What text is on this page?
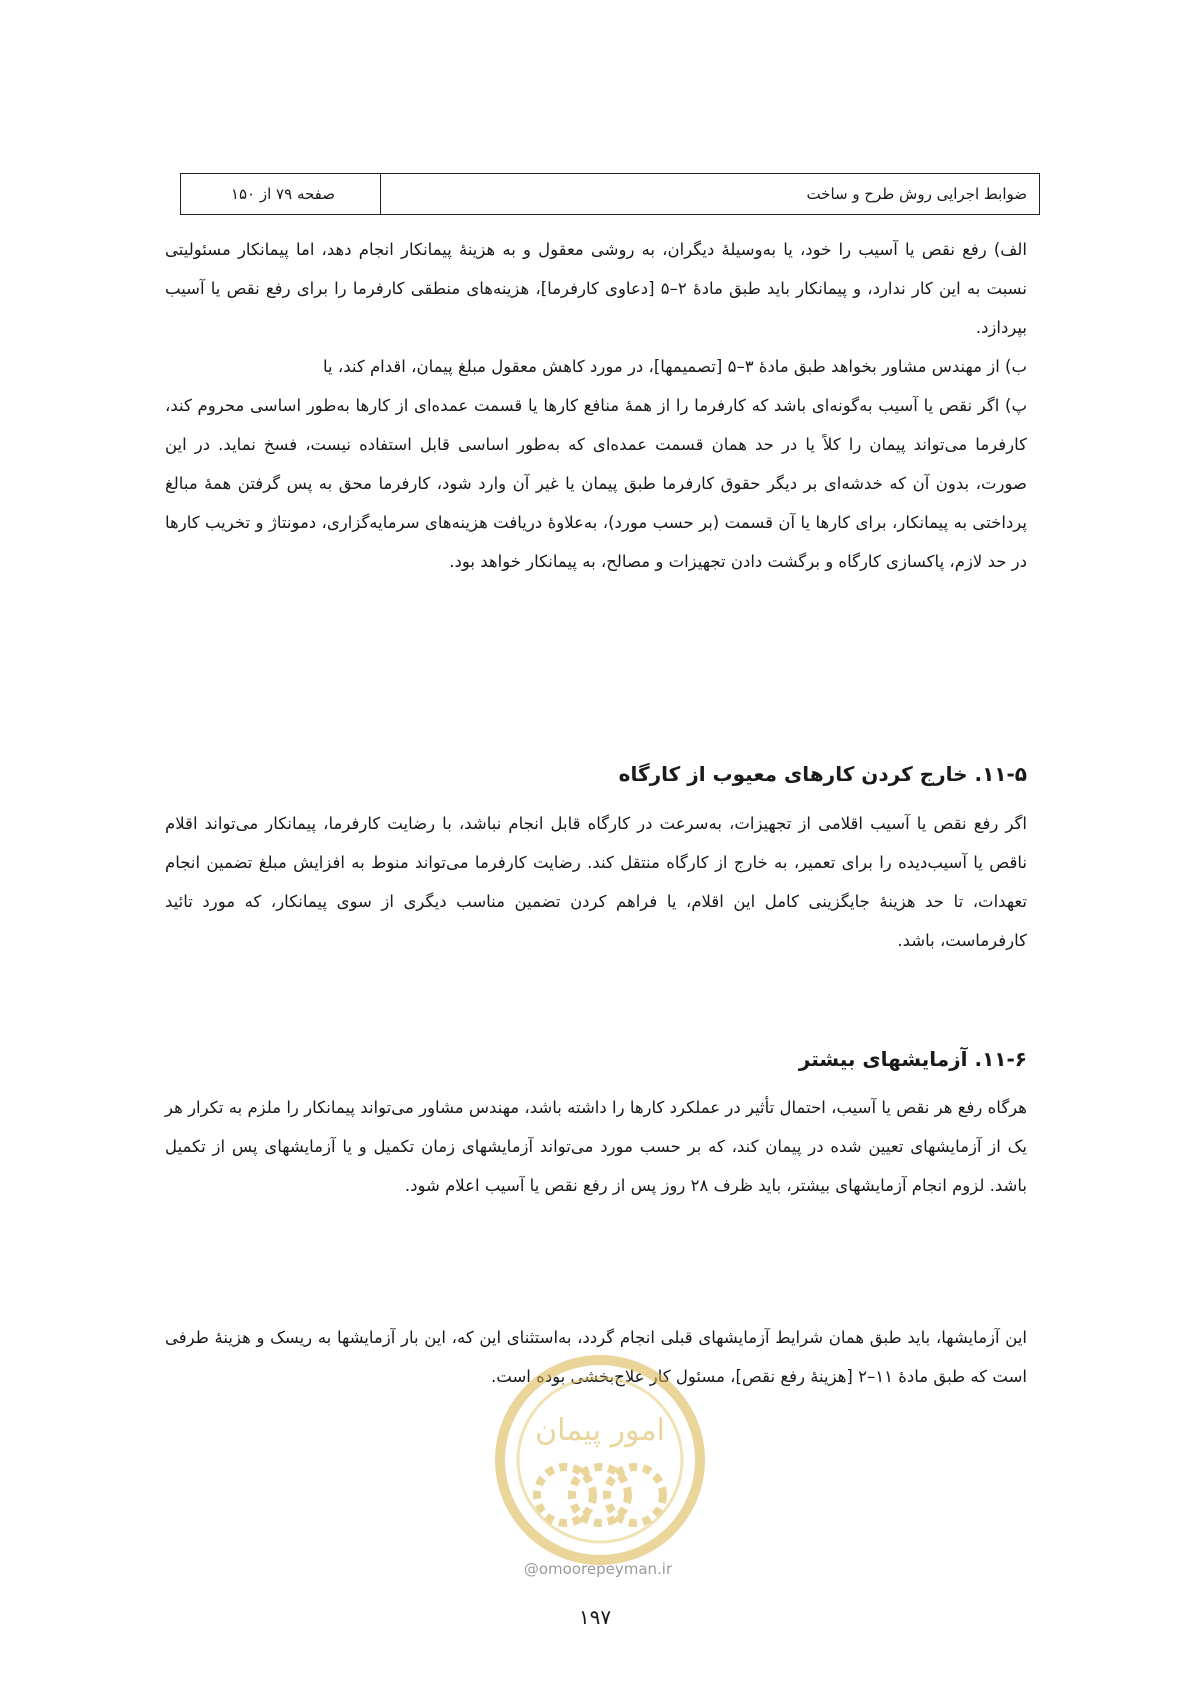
ضوابط اجرایی روش طرح و ساخت
صفحه ۷۹ از ۱۵۰

الف) رفع نقص یا آسیب را خود، یا به‌وسیلۀ دیگران، به روشی معقول و به هزینۀ پیمانکار انجام دهد، اما پیمانکار مسئولیتی نسبت به این کار ندارد، و پیمانکار باید طبق مادۀ ۲–۵ [دعاوی کارفرما]، هزینه‌های منطقی کارفرما را برای رفع نقص یا آسیب بپردازد.

ب) از مهندس مشاور بخواهد طبق مادۀ ۳–۵ [تصمیمها]، در مورد کاهش معقول مبلغ پیمان، اقدام کند، یا

پ) اگر نقص یا آسیب به‌گونه‌ای باشد که کارفرما را از همۀ منافع کارها یا قسمت عمده‌ای از کارها به‌طور اساسی محروم کند، کارفرما می‌تواند پیمان را کلاً یا در حد همان قسمت عمده‌ای که به‌طور اساسی قابل استفاده نیست، فسخ نماید. در این صورت، بدون آن که خدشه‌ای بر دیگر حقوق کارفرما طبق پیمان یا غیر آن وارد شود، کارفرما محق به پس گرفتن همۀ مبالغ پرداختی به پیمانکار، برای کارها یا آن قسمت (بر حسب مورد)، به‌علاوۀ دریافت هزینه‌های سرمایه‌گزاری، دمونتاژ و تخریب کارها در حد لازم، پاکسازی کارگاه و برگشت دادن تجهیزات و مصالح، به پیمانکار خواهد بود.

۱۱-۵. خارج کردن کارهای معیوب از کارگاه

اگر رفع نقص یا آسیب اقلامی از تجهیزات، به‌سرعت در کارگاه قابل انجام نباشد، با رضایت کارفرما، پیمانکار می‌تواند اقلام ناقص یا آسیب‌دیده را برای تعمیر، به خارج از کارگاه منتقل کند. رضایت کارفرما می‌تواند منوط به افزایش مبلغ تضمین انجام تعهدات، تا حد هزینۀ جایگزینی کامل این اقلام، یا فراهم کردن تضمین مناسب دیگری از سوی پیمانکار، که مورد تائید کارفرماست، باشد.

۱۱-۶. آزمایشهای بیشتر

هرگاه رفع هر نقص یا آسیب، احتمال تأثیر در عملکرد کارها را داشته باشد، مهندس مشاور می‌تواند پیمانکار را ملزم به تکرار هر یک از آزمایشهای تعیین شده در پیمان کند، که بر حسب مورد می‌تواند آزمایشهای زمان تکمیل و یا آزمایشهای پس از تکمیل باشد. لزوم انجام آزمایشهای بیشتر، باید ظرف ۲۸ روز پس از رفع نقص یا آسیب اعلام شود.

این آزمایشها، باید طبق همان شرایط آزمایشهای قبلی انجام گردد، به‌استثنای این که، این بار آزمایشها به ریسک و هزینۀ طرفی است که طبق مادۀ ۱۱–۲ [هزینۀ رفع نقص]، مسئول کار علاج‌بخشی بوده است.

امور پیمان
@omoorepeyman.ir
۱۹۷
